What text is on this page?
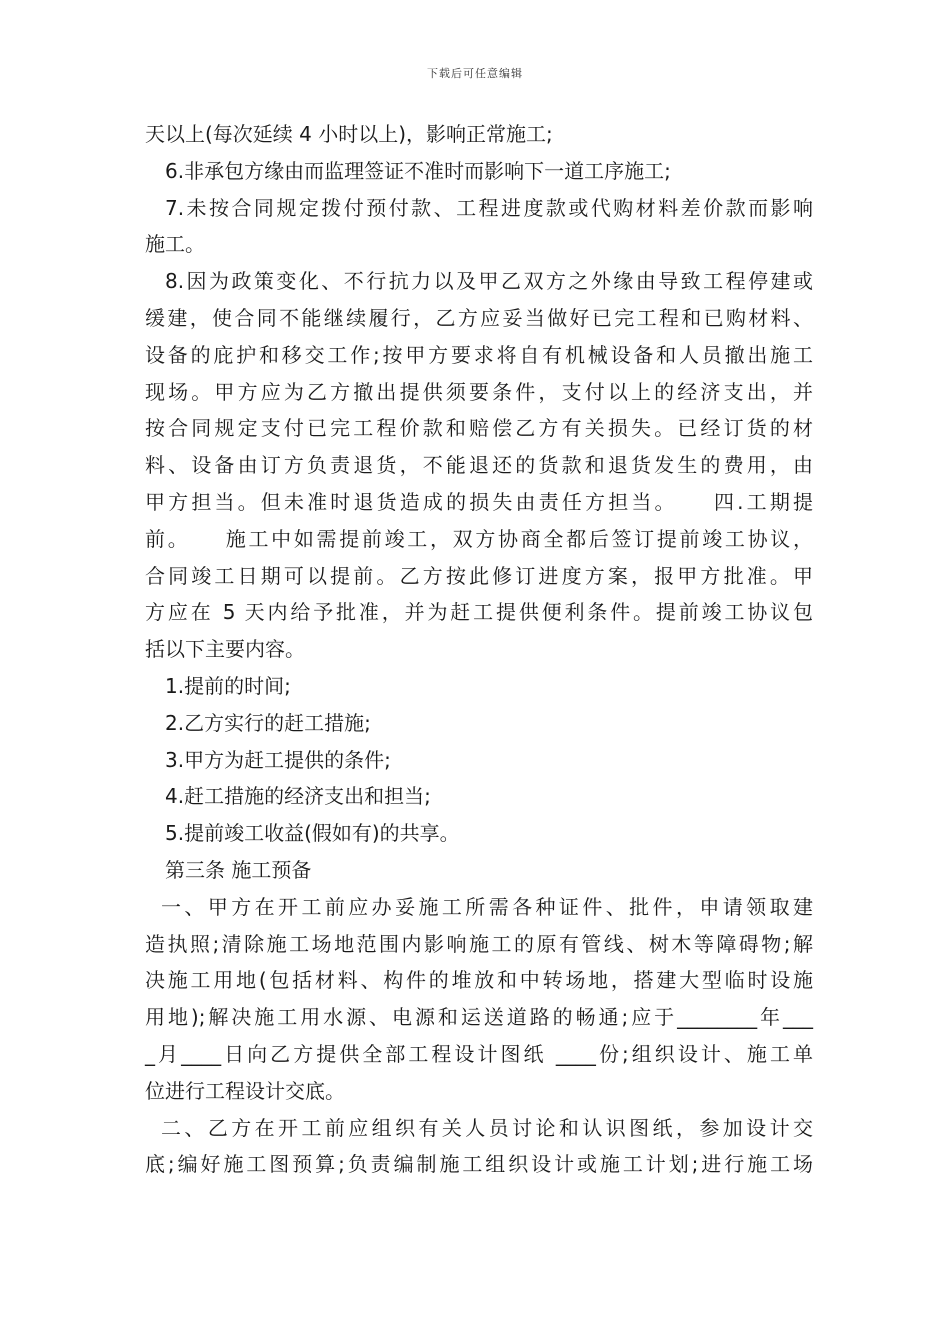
下载后可任意编辑
天以上(每次延续 4 小时以上)，影响正常施工;
6.非承包方缘由而监理签证不准时而影响下一道工序施工;
7.未按合同规定拨付预付款、工程进度款或代购材料差价款而影响
施工。
8.因为政策变化、不行抗力以及甲乙双方之外缘由导致工程停建或
缓建，使合同不能继续履行，乙方应妥当做好已完工程和已购材料、
设备的庇护和移交工作;按甲方要求将自有机械设备和人员撤出施工
现场。甲方应为乙方撤出提供须要条件，支付以上的经济支出，并
按合同规定支付已完工程价款和赔偿乙方有关损失。已经订货的材
料、设备由订方负责退货，不能退还的货款和退货发生的费用，由
甲方担当。但未准时退货造成的损失由责任方担当。　　四.工期提
前。　　施工中如需提前竣工，双方协商全都后签订提前竣工协议，
合同竣工日期可以提前。乙方按此修订进度方案，报甲方批准。甲
方应在 5 天内给予批准，并为赶工提供便利条件。提前竣工协议包
括以下主要内容。
1.提前的时间;
2.乙方实行的赶工措施;
3.甲方为赶工提供的条件;
4.赶工措施的经济支出和担当;
5.提前竣工收益(假如有)的共享。
第三条 施工预备
一、甲方在开工前应办妥施工所需各种证件、批件，申请领取建
造执照;清除施工场地范围内影响施工的原有管线、树木等障碍物;解
决施工用地(包括材料、构件的堆放和中转场地，搭建大型临时设施
用地);解决施工用水源、电源和运送道路的畅通;应于________年___
_月____日向乙方提供全部工程设计图纸 ____份;组织设计、施工单
位进行工程设计交底。
二、乙方在开工前应组织有关人员讨论和认识图纸，参加设计交
底;编好施工图预算;负责编制施工组织设计或施工计划;进行施工场
